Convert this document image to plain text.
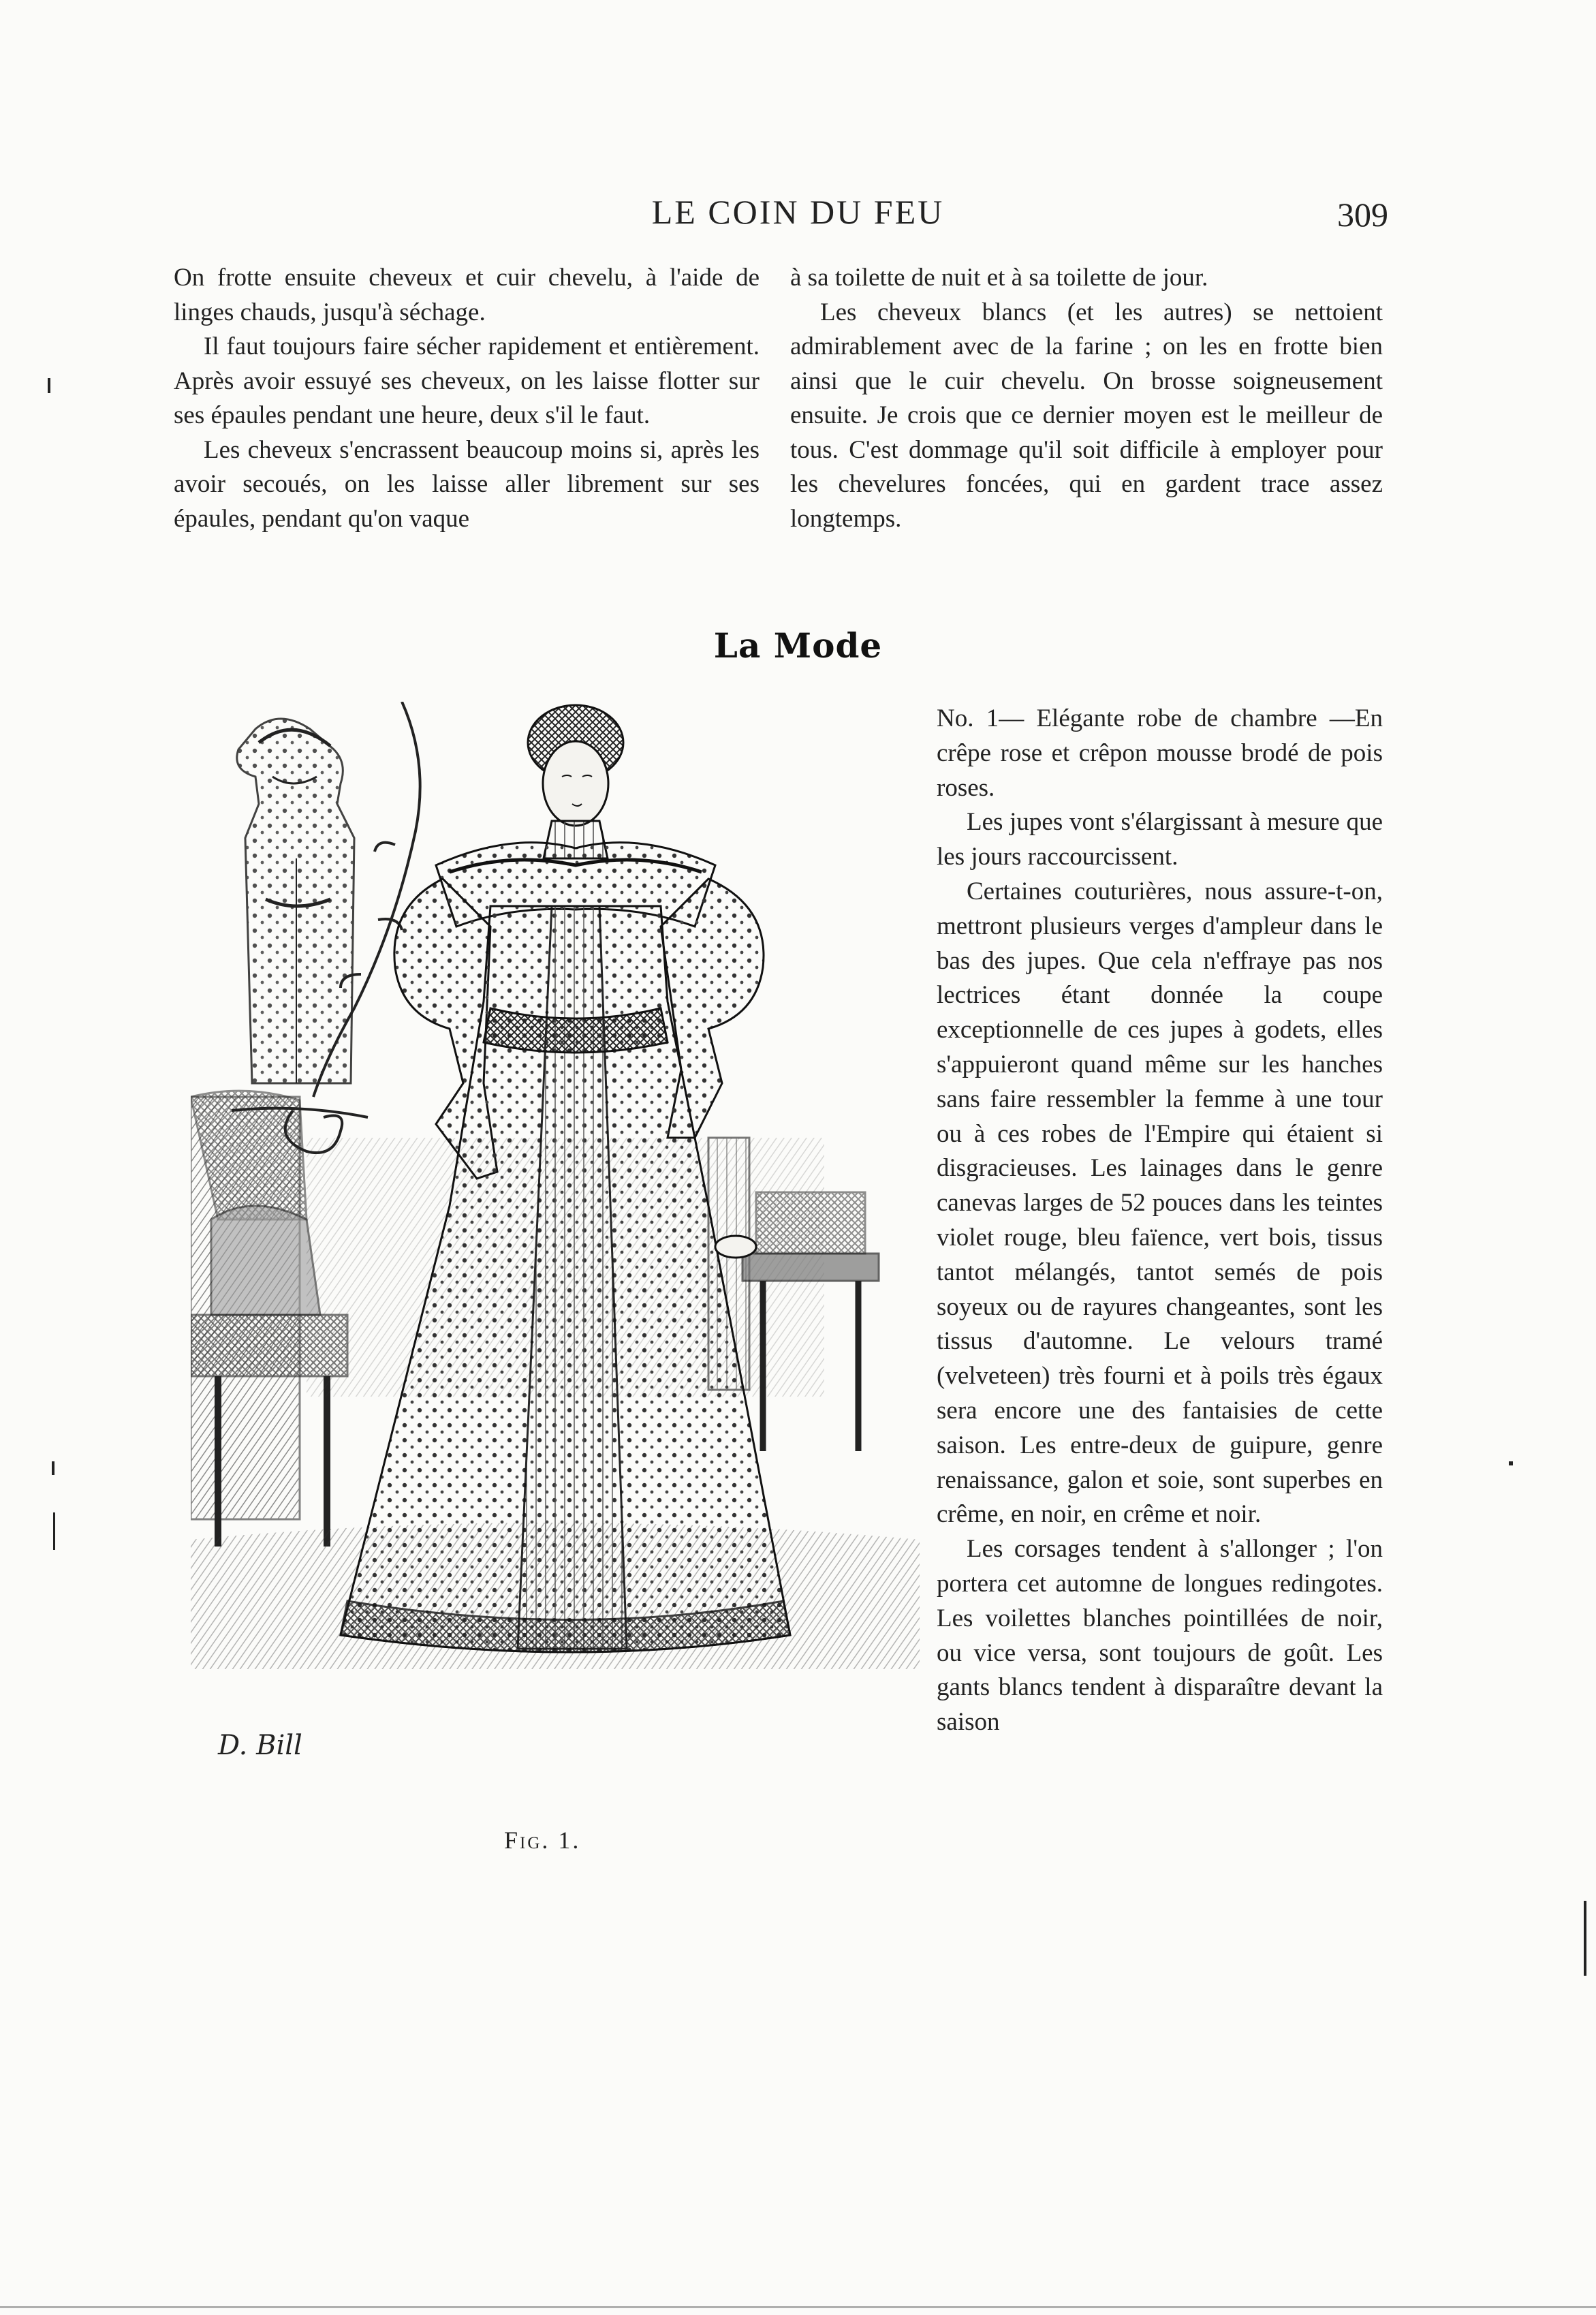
LE COIN DU FEU	309

On frotte ensuite cheveux et cuir chevelu, à l'aide de linges chauds, jusqu'à séchage.

Il faut toujours faire sécher rapidement et entièrement. Après avoir essuyé ses cheveux, on les laisse flotter sur ses épaules pendant une heure, deux s'il le faut.

Les cheveux s'encrassent beaucoup moins si, après les avoir secoués, on les laisse aller librement sur ses épaules, pendant qu'on vaque

à sa toilette de nuit et à sa toilette de jour.

Les cheveux blancs (et les autres) se nettoient admirablement avec de la farine ; on les en frotte bien ainsi que le cuir chevelu. On brosse soigneusement ensuite. Je crois que ce dernier moyen est le meilleur de tous. C'est dommage qu'il soit difficile à employer pour les chevelures foncées, qui en gardent trace assez longtemps.

La Mode
D. Bill
Fig. 1.

No. 1— Elégante robe de chambre —En crêpe rose et crêpon mousse brodé de pois roses.

Les jupes vont s'élargissant à mesure que les jours raccourcissent.

Certaines couturières, nous assure-t-on, mettront plusieurs verges d'ampleur dans le bas des jupes. Que cela n'effraye pas nos lectrices étant donnée la coupe exceptionnelle de ces jupes à godets, elles s'appuieront quand même sur les hanches sans faire ressembler la femme à une tour ou à ces robes de l'Empire qui étaient si disgracieuses. Les lainages dans le genre canevas larges de 52 pouces dans les teintes violet rouge, bleu faïence, vert bois, tissus tantot mélangés, tantot semés de pois soyeux ou de rayures changeantes, sont les tissus d'automne. Le velours tramé (velveteen) très fourni et à poils très égaux sera encore une des fantaisies de cette saison. Les entre-deux de guipure, genre renaissance, galon et soie, sont superbes en crême, en noir, en crême et noir.

Les corsages tendent à s'allonger ; l'on portera cet automne de longues redingotes. Les voilettes blanches pointillées de noir, ou vice versa, sont toujours de goût. Les gants blancs tendent à disparaître devant la saison
